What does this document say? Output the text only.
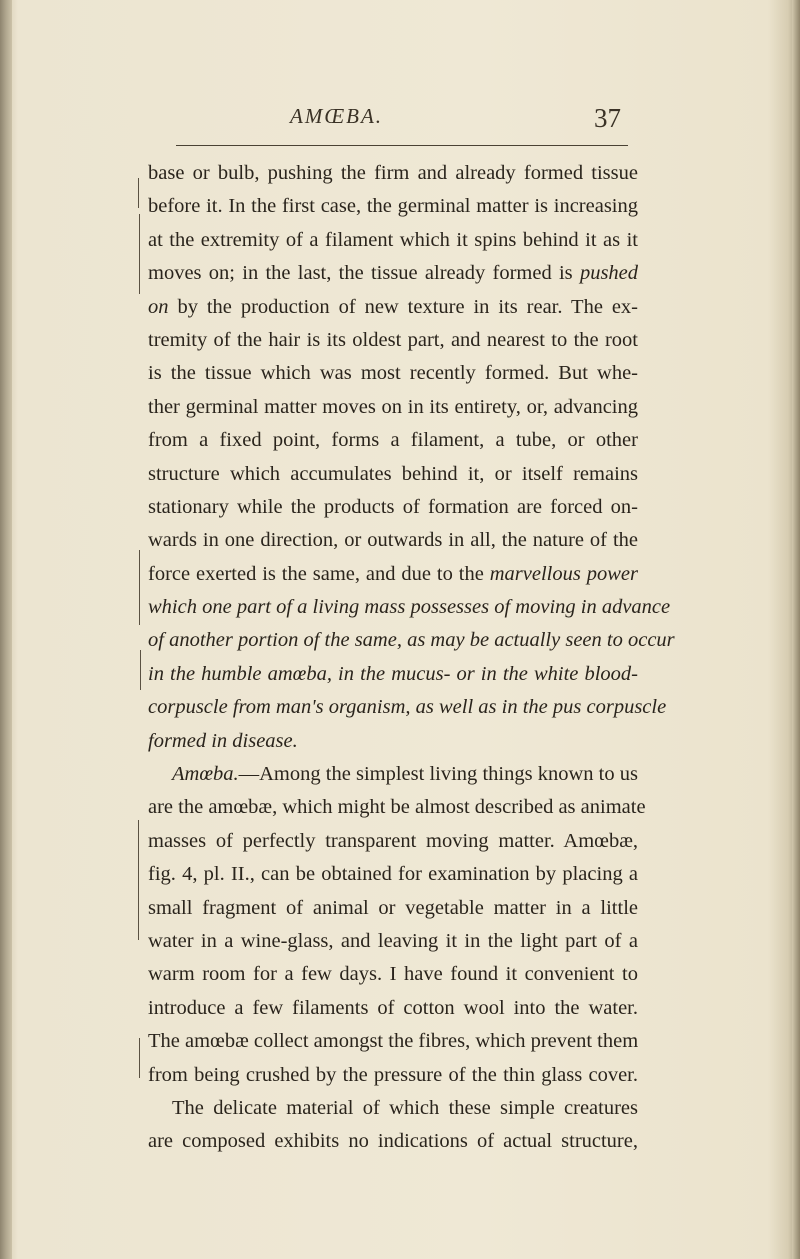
AMŒBA.	37
base or bulb, pushing the firm and already formed tissue
before it. In the first case, the germinal matter is increasing
at the extremity of a filament which it spins behind it as it
moves on; in the last, the tissue already formed is pushed
on by the production of new texture in its rear. The ex-
tremity of the hair is its oldest part, and nearest to the root
is the tissue which was most recently formed. But whe-
ther germinal matter moves on in its entirety, or, advancing
from a fixed point, forms a filament, a tube, or other
structure which accumulates behind it, or itself remains
stationary while the products of formation are forced on-
wards in one direction, or outwards in all, the nature of the
force exerted is the same, and due to the marvellous power
which one part of a living mass possesses of moving in advance
of another portion of the same, as may be actually seen to occur
in the humble amœba, in the mucus- or in the white blood-
corpuscle from man's organism, as well as in the pus corpuscle
formed in disease.
Amœba.—Among the simplest living things known to us
are the amœbæ, which might be almost described as animate
masses of perfectly transparent moving matter. Amœbæ,
fig. 4, pl. II., can be obtained for examination by placing a
small fragment of animal or vegetable matter in a little
water in a wine-glass, and leaving it in the light part of a
warm room for a few days. I have found it convenient to
introduce a few filaments of cotton wool into the water.
The amœbæ collect amongst the fibres, which prevent them
from being crushed by the pressure of the thin glass cover.
The delicate material of which these simple creatures
are composed exhibits no indications of actual structure,
